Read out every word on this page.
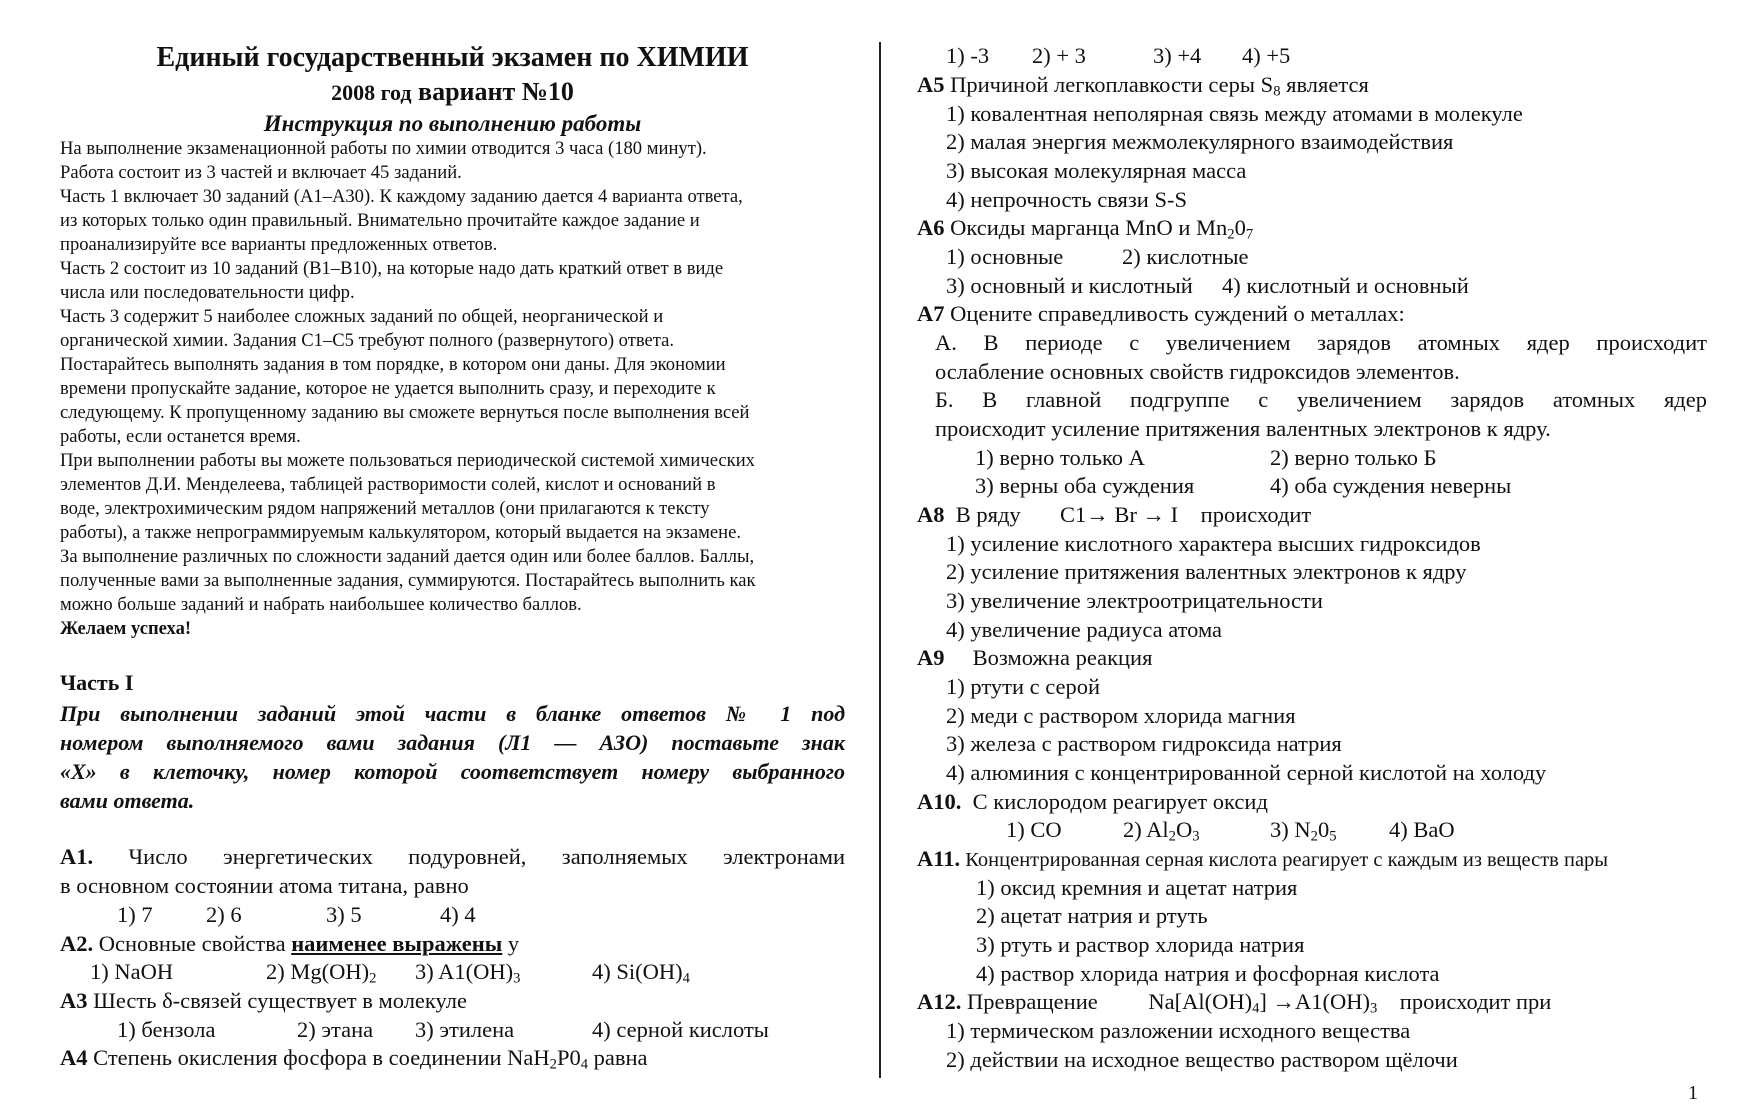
Единый государственный экзамен по ХИМИИ
2008 год вариант №10
Инструкция по выполнению работы
На выполнение экзаменационной работы по химии отводится 3 часа (180 минут).
Работа состоит из 3 частей и включает 45 заданий.
Часть 1 включает 30 заданий (А1–А30). К каждому заданию дается 4 варианта ответа,
из которых только один правильный. Внимательно прочитайте каждое задание и
проанализируйте все варианты предложенных ответов.
Часть 2 состоит из 10 заданий (В1–В10), на которые надо дать краткий ответ в виде
числа или последовательности цифр.
Часть 3 содержит 5 наиболее сложных заданий по общей, неорганической и
органической химии. Задания С1–С5 требуют полного (развернутого) ответа.
Постарайтесь выполнять задания в том порядке, в котором они даны. Для экономии
времени пропускайте задание, которое не удается выполнить сразу, и переходите к
следующему. К пропущенному заданию вы сможете вернуться после выполнения всей
работы, если останется время.
При выполнении работы вы можете пользоваться периодической системой химических
элементов Д.И. Менделеева, таблицей растворимости солей, кислот и оснований в
воде, электрохимическим рядом напряжений металлов (они прилагаются к тексту
работы), а также непрограммируемым калькулятором, который выдается на экзамене.
За выполнение различных по сложности заданий дается один или более баллов. Баллы,
полученные вами за выполненные задания, суммируются. Постарайтесь выполнить как
можно больше заданий и набрать наибольшее количество баллов.
Желаем успеха!
Часть I
При выполнении заданий этой части в бланке ответов № 1 под
номером выполняемого вами задания (Л1 — АЗО) поставьте знак
«X» в клеточку, номер которой соответствует номеру выбранного
вами ответа.
А1. Число энергетических подуровней, заполняемых электронами
в основном состоянии атома титана, равно
1) 7 2) 6	3) 5	4) 4
А2. Основные свойства наименее выражены у
1) NaOH	2) $Mg(OH)_2$ 3) $A1(OH)_3$	4) $Si(OH)_4$
А3 Шесть δ-связей существует в молекуле
1) бензола	2) этана 3) этилена	4) серной кислоты
А4 Степень окисления фосфора в соединении $NaH_2P0_4$ равна
1) -3 2) + 3	3) +4 4) +5
А5 Причиной легкоплавкости серы $S_8$ является
1) ковалентная неполярная связь между атомами в молекуле
2) малая энергия межмолекулярного взаимодействия
3) высокая молекулярная масса
4) непрочность связи S-S
А6 Оксиды марганца MnO и $Mn_20_7$
1) основные	2) кислотные
3) основный и кислотный 4) кислотный и основный
А7 Оцените справедливость суждений о металлах:
А. В периоде с увеличением зарядов атомных ядер происходит
ослабление основных свойств гидроксидов элементов.
Б. В главной подгруппе с увеличением зарядов атомных ядер
происходит усиление притяжения валентных электронов к ядру.
1) верно только А	2) верно только Б
3) верны оба суждения	4) оба суждения неверны
А8  В ряду       C1→ Br → I    происходит
1) усиление кислотного характера высших гидроксидов
2) усиление притяжения валентных электронов к ядру
3) увеличение электроотрицательности
4) увеличение радиуса атома
А9     Возможна реакция
1) ртути с серой
2) меди с раствором хлорида магния
3) железа с раствором гидроксида натрия
4) алюминия с концентрированной серной кислотой на холоду
А10.  С кислородом реагирует оксид
1) CO	2) $Al_2O_3$	3) $N_20_5$ 4) BaO
А11. Концентрированная серная кислота реагирует с каждым из веществ пары
1) оксид кремния и ацетат натрия
2) ацетат натрия и ртуть
3) ртуть и раствор хлорида натрия
4) раствор хлорида натрия и фосфорная кислота
А12. Превращение         $Na[Al(OH)_4] \to A1(OH)_3$    происходит при
1) термическом разложении исходного вещества
2) действии на исходное вещество раствором щёлочи
1
